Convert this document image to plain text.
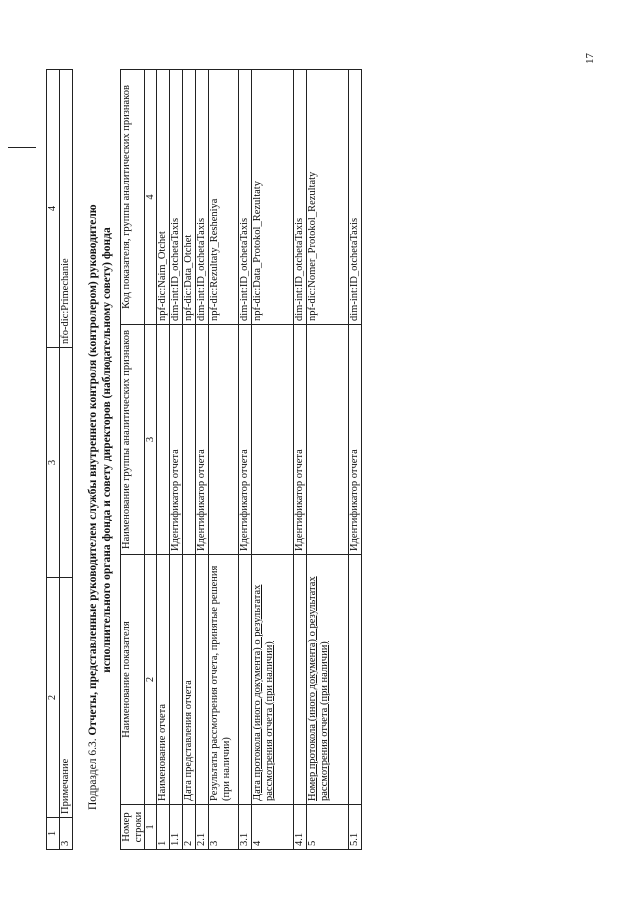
17
1	2	3	4
3	Примечание		nfo-dic:Primechanie
Подраздел 6.3. Отчеты, представленные руководителем службы внутреннего контроля (контролером) руководителю исполнительного органа фонда и совету директоров (наблюдательному совету) фонда
Номер строки	Наименование показателя	Наименование группы аналитических признаков	Код показателя, группы аналитических признаков
1	2	3	4
1	Наименование отчета		npf-dic:Naim_Otchet
1.1		Идентификатор отчета	dim-int:ID_otchetaTaxis
2	Дата представления отчета		npf-dic:Data_Otchet
2.1		Идентификатор отчета	dim-int:ID_otchetaTaxis
3	Результаты рассмотрения отчета, принятые решения (при наличии)		npf-dic:Rezultaty_Resheniya
3.1		Идентификатор отчета	dim-int:ID_otchetaTaxis
4	Дата протокола (иного документа) о результатах рассмотрения отчета (при наличии)		npf-dic:Data_Protokol_Rezultaty
4.1		Идентификатор отчета	dim-int:ID_otchetaTaxis
5	Номер протокола (иного документа) о результатах рассмотрения отчета (при наличии)		npf-dic:Nomer_Protokol_Rezultaty
5.1		Идентификатор отчета	dim-int:ID_otchetaTaxis
